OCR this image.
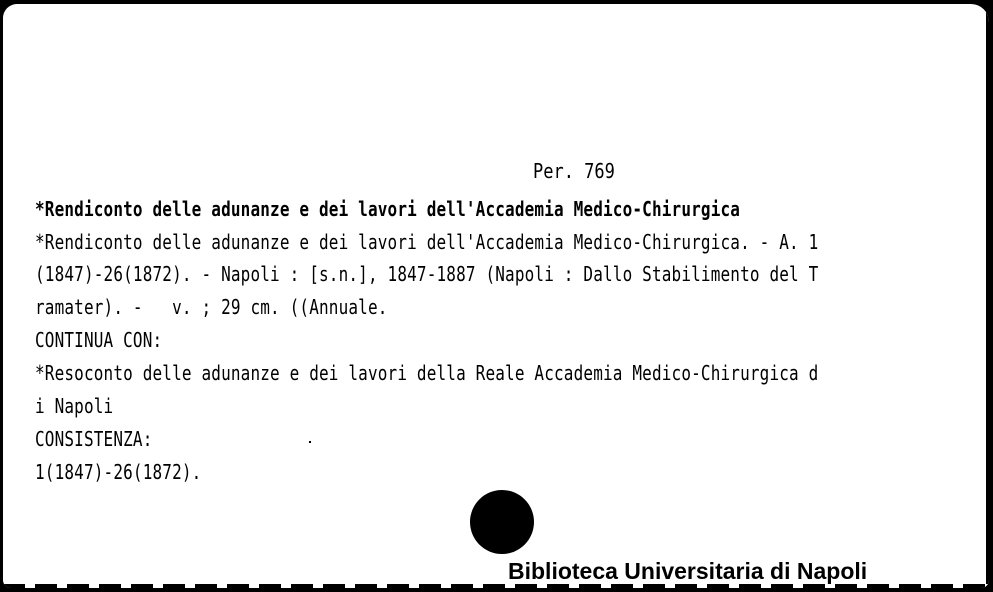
Per. 769
*Rendiconto delle adunanze e dei lavori dell'Accademia Medico-Chirurgica
*Rendiconto delle adunanze e dei lavori dell'Accademia Medico-Chirurgica. - A. 1
(1847)-26(1872). - Napoli : [s.n.], 1847-1887 (Napoli : Dallo Stabilimento del T
ramater). -   v. ; 29 cm. ((Annuale.
CONTINUA CON:
*Resoconto delle adunanze e dei lavori della Reale Accademia Medico-Chirurgica d
i Napoli
CONSISTENZA:
1(1847)-26(1872).
Biblioteca Universitaria di Napoli
